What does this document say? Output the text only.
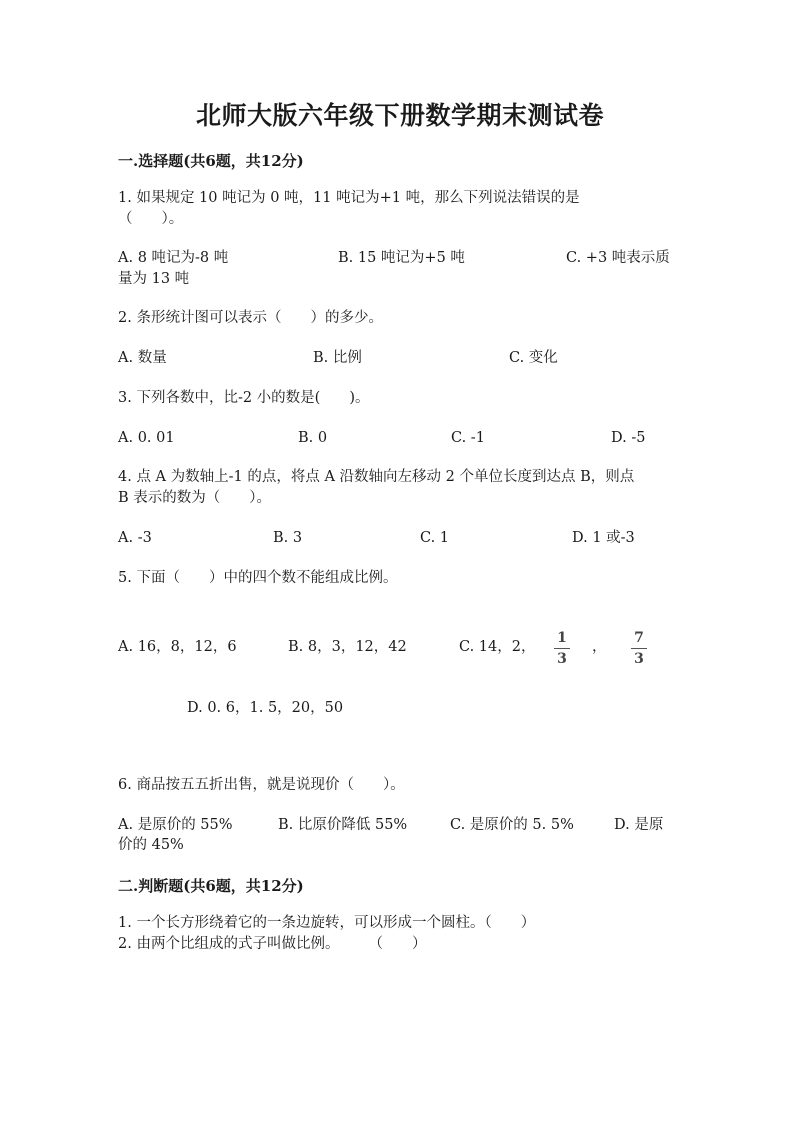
北师大版六年级下册数学期末测试卷
一.选择题(共6题，共12分)
1. 如果规定 10 吨记为 0 吨，11 吨记为+1 吨，那么下列说法错误的是
（　　）。
A. 8 吨记为-8 吨	B. 15 吨记为+5 吨	C. +3 吨表示质
量为 13 吨
2. 条形统计图可以表示（　　）的多少。
A. 数量	B. 比例	C. 变化
3. 下列各数中，比-2 小的数是(　　)。
A. 0. 01	B. 0	C. -1	D. -5
4. 点 A 为数轴上-1 的点，将点 A 沿数轴向左移动 2 个单位长度到达点 B，则点
B 表示的数为（　　）。
A. -3	B. 3	C. 1	D. 1 或-3
5. 下面（　　）中的四个数不能组成比例。
A. 16，8，12，6	B. 8，3，12，42	C. 14，2，
1
3
，
7
3
D. 0. 6，1. 5，20，50
6. 商品按五五折出售，就是说现价（　　）。
A. 是原价的 55%	B. 比原价降低 55%	C. 是原价的 5. 5%	D. 是原
价的 45%
二.判断题(共6题，共12分)
1. 一个长方形绕着它的一条边旋转，可以形成一个圆柱。（　　）
2. 由两个比组成的式子叫做比例。　　　（　　）
